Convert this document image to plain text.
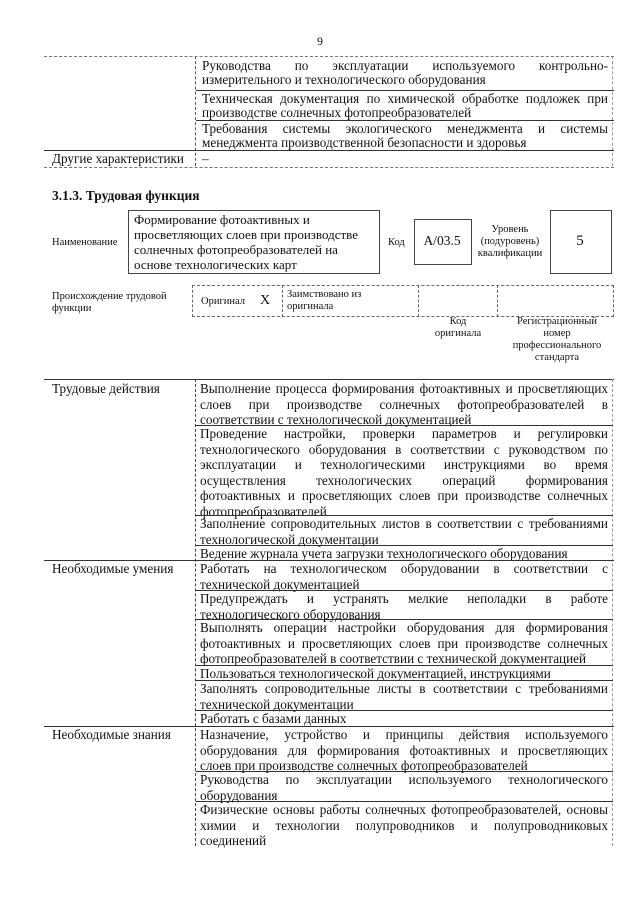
9
Руководства по эксплуатации используемого контрольно-измерительного и технологического оборудования
Техническая документация по химической обработке подложек при производстве солнечных фотопреобразователей
Требования системы экологического менеджмента и системы менеджмента производственной безопасности и здоровья
Другие характеристики –
3.1.3. Трудовая функция
Наименование
Формирование фотоактивных и просветляющих слоев при производстве солнечных фотопреобразователей на основе технологических карт
Код	A/03.5
Уровень (подуровень) квалификации
5
Происхождение трудовой функции
Оригинал X Заимствовано из оригинала
Код оригинала
Регистрационный номер профессионального стандарта
Трудовые действия	Выполнение процесса формирования фотоактивных и просветляющих слоев при производстве солнечных фотопреобразователей в соответствии с технологической документацией
Проведение настройки, проверки параметров и регулировки технологического оборудования в соответствии с руководством по эксплуатации и технологическими инструкциями во время осуществления технологических операций формирования фотоактивных и просветляющих слоев при производстве солнечных фотопреобразователей
Заполнение сопроводительных листов в соответствии с требованиями технологической документации
Ведение журнала учета загрузки технологического оборудования
Необходимые умения Работать на технологическом оборудовании в соответствии с технической документацией
Предупреждать и устранять мелкие неполадки в работе технологического оборудования
Выполнять операции настройки оборудования для формирования фотоактивных и просветляющих слоев при производстве солнечных фотопреобразователей в соответствии с технической документацией
Пользоваться технологической документацией, инструкциями
Заполнять сопроводительные листы в соответствии с требованиями технической документации
Работать с базами данных
Необходимые знания Назначение, устройство и принципы действия используемого оборудования для формирования фотоактивных и просветляющих слоев при производстве солнечных фотопреобразователей
Руководства по эксплуатации используемого технологического оборудования
Физические основы работы солнечных фотопреобразователей, основы химии и технологии полупроводников и полупроводниковых соединений
